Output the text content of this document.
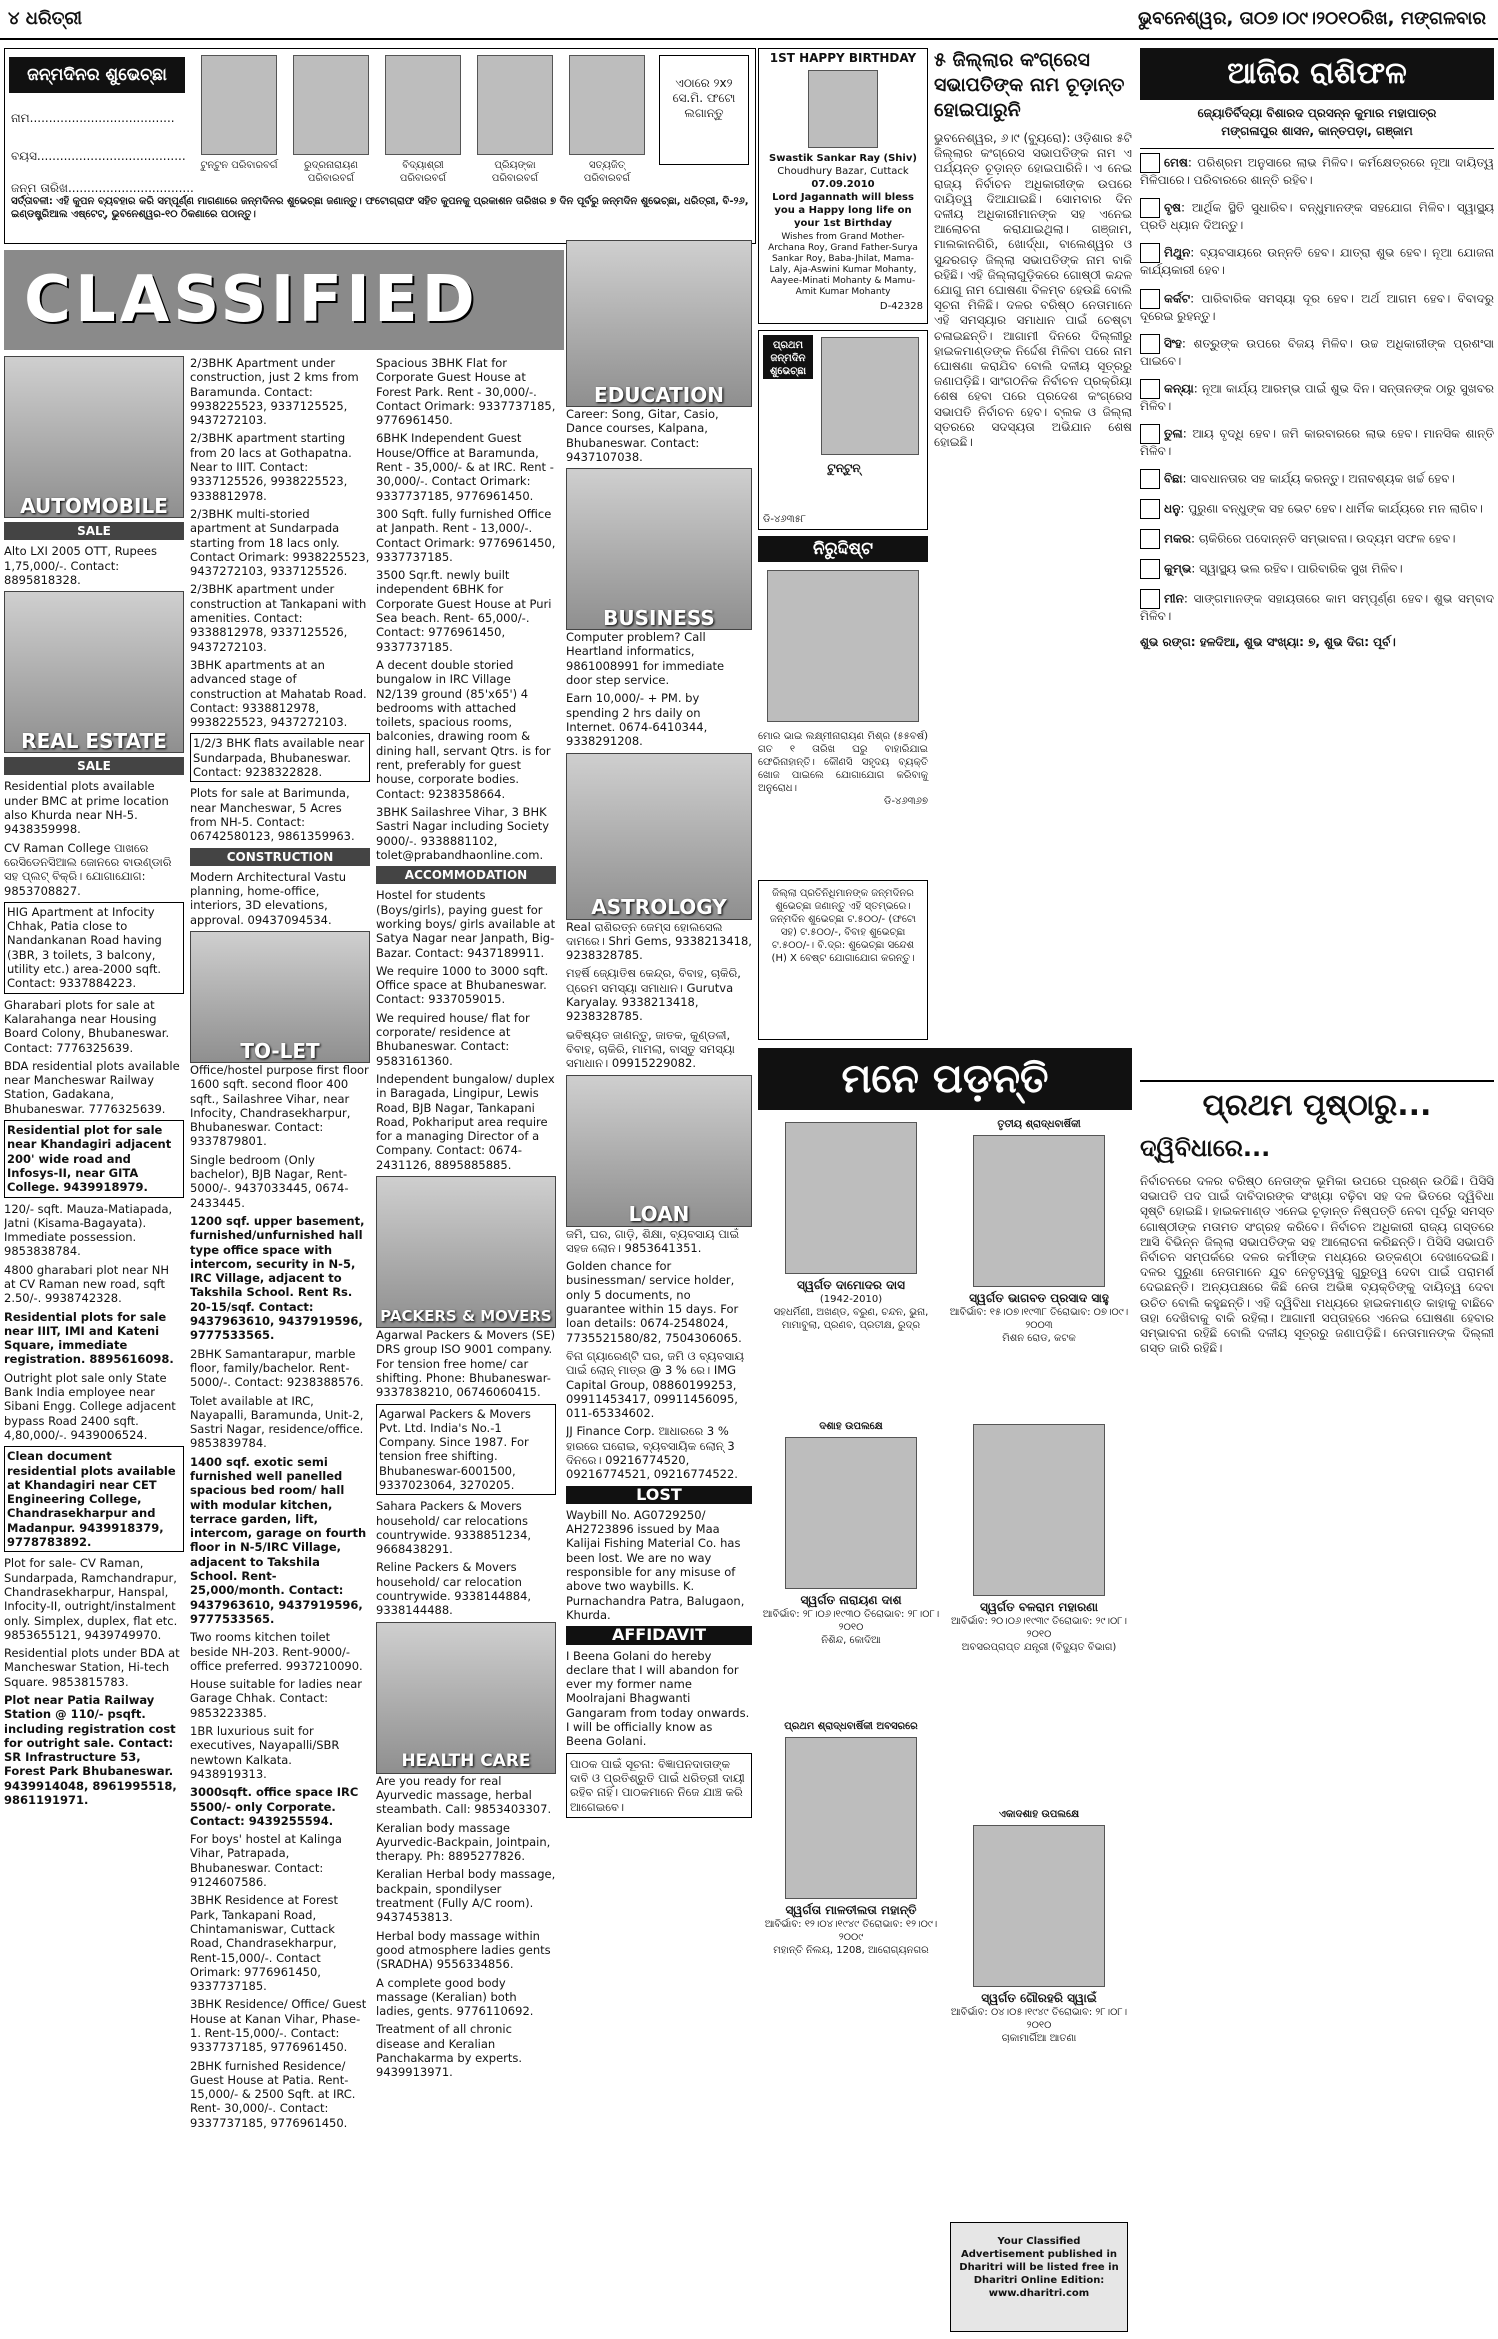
୪ ଧରିତ୍ରୀ	ଭୁବନେଶ୍ୱର, ତା୦୭।୦୯।୨୦୧୦ରିଖ, ମଙ୍ଗଳବାର
ଜନ୍ମଦିନର ଶୁଭେଚ୍ଛା
ନାମ......................................
ବୟସ.......................................
ଜନ୍ମ ତାରିଖ.................................
ଟୁନ୍ଟୁନ ପରିବାରବର୍ଗ	ରୁଦ୍ରନାରାୟଣ ପରିବାରବର୍ଗ
ବିଦ୍ୟାଶ୍ରୀ ପରିବାରବର୍ଗ
ପ୍ରିୟଙ୍କା ପରିବାରବର୍ଗ
ସତ୍ୟଜିତ୍ ପରିବାରବର୍ଗ
ଏଠାରେ ୨x୨ ସେ.ମି. ଫଟୋ ଲଗାନ୍ତୁ
ସର୍ତ୍ତାବଳୀ: ଏହି କୁପନ ବ୍ୟବହାର କରି ସମ୍ପୂର୍ଣ୍ଣ ମାଗଣାରେ ଜନ୍ମଦିନର ଶୁଭେଚ୍ଛା ଜଣାନ୍ତୁ। ଫଟୋଗ୍ରାଫ ସହିତ କୁପନକୁ ପ୍ରକାଶନ ତାରିଖର ୭ ଦିନ ପୂର୍ବରୁ ଜନ୍ମଦିନ ଶୁଭେଚ୍ଛା, ଧରିତ୍ରୀ, ବି-୨୬, ଇଣ୍ଡଷ୍ଟ୍ରିଆଲ ଏଷ୍ଟେଟ୍, ଭୁବନେଶ୍ୱର-୧୦ ଠିକଣାରେ ପଠାନ୍ତୁ।
1ST HAPPY BIRTHDAY
Swastik Sankar Ray (Shiv)
Choudhury Bazar, Cuttack
07.09.2010
Lord Jagannath will bless you a Happy long life on your 1st Birthday
Wishes from Grand Mother-Archana Roy, Grand Father-Surya Sankar Roy, Baba-Jhilat, Mama-Laly, Aja-Aswini Kumar Mohanty, Aayee-Minati Mohanty & Mamu-Amit Kumar Mohanty
D-42328
ପ୍ରଥମ ଜନ୍ମଦିନ ଶୁଭେଚ୍ଛା
ଟୁନ୍ଟୁନ୍
ଡି-୪୬୩୫୮
ନିରୁଦ୍ଦିଷ୍ଟ
ମୋର ଭାଇ ଲକ୍ଷ୍ମୀନାରାୟଣ ମିଶ୍ର (୫୫ବର୍ଷ) ଗତ ୧ ତାରିଖ ଘରୁ ବାହାରିଯାଇ ଫେରିନାହାନ୍ତି। କୌଣସି ସହୃଦୟ ବ୍ୟକ୍ତି ଖୋଜ ପାଇଲେ ଯୋଗାଯୋଗ କରିବାକୁ ଅନୁରୋଧ।
ଡି-୪୬୩୬୭
ଜିଲ୍ଲା ପ୍ରତିନିଧିମାନଙ୍କ ଜନ୍ମଦିନର ଶୁଭେଚ୍ଛା ଜଣାନ୍ତୁ ଏହି ସ୍ତମ୍ଭରେ। ଜନ୍ମଦିନ ଶୁଭେଚ୍ଛା ଟ.୫୦୦/- (ଫଟୋ ସହ) ଟ.୫୦୦/-, ବିବାହ ଶୁଭେଚ୍ଛା ଟ.୫୦୦/-। ବି.ଦ୍ର: ଶୁଭେଚ୍ଛା ସନ୍ଦେଶ (H) X ବେଷ୍ଟ ଯୋଗାଯୋଗ କରନ୍ତୁ।
୫ ଜିଲ୍ଲାର କଂଗ୍ରେସ ସଭାପତିଙ୍କ ନାମ ଚୂଡ଼ାନ୍ତ ହୋଇପାରୁନି
ଭୁବନେଶ୍ୱର, ୬।୯ (ବ୍ୟୁରୋ): ଓଡ଼ିଶାର ୫ଟି ଜିଲ୍ଲାର କଂଗ୍ରେସ ସଭାପତିଙ୍କ ନାମ ଏ ପର୍ଯ୍ୟନ୍ତ ଚୂଡ଼ାନ୍ତ ହୋଇପାରିନି। ଏ ନେଇ ରାଜ୍ୟ ନିର୍ବାଚନ ଅଧିକାରୀଙ୍କ ଉପରେ ଦାୟିତ୍ୱ ଦିଆଯାଇଛି। ସୋମବାର ଦିନ ଦଳୀୟ ଅଧିକାରୀମାନଙ୍କ ସହ ଏନେଇ ଆଲୋଚନା କରାଯାଇଥିଲା। ଗଞ୍ଜାମ, ମାଲକାନଗିରି, ଖୋର୍ଦ୍ଧା, ବାଲେଶ୍ୱର ଓ ସୁନ୍ଦରଗଡ଼ ଜିଲ୍ଲା ସଭାପତିଙ୍କ ନାମ ବାକି ରହିଛି। ଏହି ଜିଲ୍ଲାଗୁଡ଼ିକରେ ଗୋଷ୍ଠୀ କନ୍ଦଳ ଯୋଗୁ ନାମ ଘୋଷଣା ବିଳମ୍ବ ହେଉଛି ବୋଲି ସୂଚନା ମିଳିଛି। ଦଳର ବରିଷ୍ଠ ନେତାମାନେ ଏହି ସମସ୍ୟାର ସମାଧାନ ପାଇଁ ଚେଷ୍ଟା ଚଳାଇଛନ୍ତି। ଆଗାମୀ ଦିନରେ ଦିଲ୍ଲୀରୁ ହାଇକମାଣ୍ଡଙ୍କ ନିର୍ଦ୍ଦେଶ ମିଳିବା ପରେ ନାମ ଘୋଷଣା କରାଯିବ ବୋଲି ଦଳୀୟ ସୂତ୍ରରୁ ଜଣାପଡ଼ିଛି। ସାଂଗଠନିକ ନିର୍ବାଚନ ପ୍ରକ୍ରିୟା ଶେଷ ହେବା ପରେ ପ୍ରଦେଶ କଂଗ୍ରେସ ସଭାପତି ନିର୍ବାଚନ ହେବ। ବ୍ଲକ ଓ ଜିଲ୍ଲା ସ୍ତରରେ ସଦସ୍ୟତା ଅଭିଯାନ ଶେଷ ହୋଇଛି।
CLASSIFIED
AUTOMOBILE
SALE

Alto LXI 2005 OTT, Rupees 1,75,000/-. Contact: 8895818328.

REAL ESTATE
SALE

Residential plots available under BMC at prime location also Khurda near NH-5. 9438359998.

CV Raman College ପାଖରେ ରେସିଡେନସିଆଲ ଜୋନରେ ବାଉଣ୍ଡାରି ସହ ପ୍ଲଟ୍ ବିକ୍ରି। ଯୋଗାଯୋଗ: 9853708827.

HIG Apartment at Infocity Chhak, Patia close to Nandankanan Road having (3BR, 3 toilets, 3 balcony, utility etc.) area-2000 sqft. Contact: 9337884223.

Gharabari plots for sale at Kalarahanga near Housing Board Colony, Bhubaneswar. Contact: 7776325639.

BDA residential plots available near Mancheswar Railway Station, Gadakana, Bhubaneswar. 7776325639.

Residential plot for sale near Khandagiri adjacent 200' wide road and Infosys-II, near GITA College. 9439918979.

120/- sqft. Mauza-Matiapada, Jatni (Kisama-Bagayata). Immediate possession. 9853838784.

4800 gharabari plot near NH at CV Raman new road, sqft 2.50/-. 9938742328.

Residential plots for sale near IIIT, IMI and Kateni Square, immediate registration. 8895616098.

Outright plot sale only State Bank India employee near Sibani Engg. College adjacent bypass Road 2400 sqft. 4,80,000/-. 9439006524.

Clean document residential plots available at Khandagiri near CET Engineering College, Chandrasekharpur and Madanpur. 9439918379, 9778783892.

Plot for sale- CV Raman, Sundarpada, Ramchandrapur, Chandrasekharpur, Hanspal, Infocity-II, outright/instalment only. Simplex, duplex, flat etc. 9853655121, 9439749970.

Residential plots under BDA at Mancheswar Station, Hi-tech Square. 9853815783.

Plot near Patia Railway Station @ 110/- psqft. including registration cost for outright sale. Contact: SR Infrastructure 53, Forest Park Bhubaneswar. 9439914048, 8961995518, 9861191971.

2/3BHK Apartment under construction, just 2 kms from Baramunda. Contact: 9938225523, 9337125525, 9437272103.

2/3BHK apartment starting from 20 lacs at Gothapatna. Near to IIIT. Contact: 9337125526, 9938225523, 9338812978.

2/3BHK multi-storied apartment at Sundarpada starting from 18 lacs only. Contact Orimark: 9938225523, 9437272103, 9337125526.

2/3BHK apartment under construction at Tankapani with amenities. Contact: 9338812978, 9337125526, 9437272103.

3BHK apartments at an advanced stage of construction at Mahatab Road. Contact: 9338812978, 9938225523, 9437272103.

1/2/3 BHK flats available near Sundarpada, Bhubaneswar. Contact: 9238322828.

Plots for sale at Barimunda, near Mancheswar, 5 Acres from NH-5. Contact: 06742580123, 9861359963.

CONSTRUCTION

Modern Architectural Vastu planning, home-office, interiors, 3D elevations, approval. 09437094534.

TO-LET

Office/hostel purpose first floor 1600 sqft. second floor 400 sqft., Sailashree Vihar, near Infocity, Chandrasekharpur, Bhubaneswar. Contact: 9337879801.

Single bedroom (Only bachelor), BJB Nagar, Rent-5000/-. 9437033445, 0674-2433445.

1200 sqf. upper basement, furnished/unfurnished hall type office space with intercom, security in N-5, IRC Village, adjacent to Takshila School. Rent Rs. 20-15/sqf. Contact: 9437963610, 9437919596, 9777533565.

2BHK Samantarapur, marble floor, family/bachelor. Rent-5000/-. Contact: 9238388576.

Tolet available at IRC, Nayapalli, Baramunda, Unit-2, Sastri Nagar, residence/office. 9853839784.

1400 sqf. exotic semi furnished well panelled spacious bed room/ hall with modular kitchen, terrace garden, lift, intercom, garage on fourth floor in N-5/IRC Village, adjacent to Takshila School. Rent-25,000/month. Contact: 9437963610, 9437919596, 9777533565.

Two rooms kitchen toilet beside NH-203. Rent-9000/- office preferred. 9937210090.

House suitable for ladies near Garage Chhak. Contact: 9853223385.

1BR luxurious suit for executives, Nayapalli/SBR newtown Kalkata. 9438919313.

3000sqft. office space IRC 5500/- only Corporate. Contact: 9439255594.

For boys' hostel at Kalinga Vihar, Patrapada, Bhubaneswar. Contact: 9124607586.

3BHK Residence at Forest Park, Tankapani Road, Chintamaniswar, Cuttack Road, Chandrasekharpur, Rent-15,000/-. Contact Orimark: 9776961450, 9337737185.

3BHK Residence/ Office/ Guest House at Kanan Vihar, Phase-1. Rent-15,000/-. Contact: 9337737185, 9776961450.

2BHK furnished Residence/ Guest House at Patia. Rent-15,000/- & 2500 Sqft. at IRC. Rent- 30,000/-. Contact: 9337737185, 9776961450.

Spacious 3BHK Flat for Corporate Guest House at Forest Park. Rent - 30,000/-. Contact Orimark: 9337737185, 9776961450.

6BHK Independent Guest House/Office at Baramunda, Rent - 35,000/- & at IRC. Rent - 30,000/-. Contact Orimark: 9337737185, 9776961450.

300 Sqft. fully furnished Office at Janpath. Rent - 13,000/-. Contact Orimark: 9776961450, 9337737185.

3500 Sqr.ft. newly built independent 6BHK for Corporate Guest House at Puri Sea beach. Rent- 65,000/-. Contact: 9776961450, 9337737185.

A decent double storied bungalow in IRC Village N2/139 ground (85'x65') 4 bedrooms with attached toilets, spacious rooms, balconies, drawing room & dining hall, servant Qtrs. is for rent, preferably for guest house, corporate bodies. Contact: 9238358664.

3BHK Sailashree Vihar, 3 BHK Sastri Nagar including Society 9000/-. 9338881102, tolet@prabandhaonline.com.

ACCOMMODATION

Hostel for students (Boys/girls), paying guest for working boys/ girls available at Satya Nagar near Janpath, Big-Bazar. Contact: 9437189911.

We require 1000 to 3000 sqft. Office space at Bhubaneswar. Contact: 9337059015.

We required house/ flat for corporate/ residence at Bhubaneswar. Contact: 9583161360.

Independent bungalow/ duplex in Baragada, Lingipur, Lewis Road, BJB Nagar, Tankapani Road, Pokhariput area require for a managing Director of a Company. Contact: 0674-2431126, 8895885885.

PACKERS & MOVERS

Agarwal Packers & Movers (SE) DRS group ISO 9001 company. For tension free home/ car shifting. Phone: Bhubaneswar- 9337838210, 06746060415.

Agarwal Packers & Movers Pvt. Ltd. India's No.-1 Company. Since 1987. For tension free shifting. Bhubaneswar-6001500, 9337023064, 3270205.

Sahara Packers & Movers household/ car relocations countrywide. 9338851234, 9668438291.

Reline Packers & Movers household/ car relocation countrywide. 9338144884, 9338144488.

HEALTH CARE

Are you ready for real Ayurvedic massage, herbal steambath. Call: 9853403307.

Keralian body massage Ayurvedic-Backpain, Jointpain, therapy. Ph: 8895277826.

Keralian Herbal body massage, backpain, spondilyser treatment (Fully A/C room). 9437453813.

Herbal body massage within good atmosphere ladies gents (SRADHA) 9556334856.

A complete good body massage (Keralian) both ladies, gents. 9776110692.

Treatment of all chronic disease and Keralian Panchakarma by experts. 9439913971.

EDUCATION

Career: Song, Gitar, Casio, Dance courses, Kalpana, Bhubaneswar. Contact: 9437107038.

BUSINESS

Computer problem? Call Heartland informatics, 9861008991 for immediate door step service.

Earn 10,000/- + PM. by spending 2 hrs daily on Internet. 0674-6410344, 9338291208.

ASTROLOGY

Real ରାଶିରତ୍ନ ଜେମ୍ସ ହୋଲସେଲ ଦାମରେ। Shri Gems, 9338213418, 9238328785.

ମହର୍ଷି ଜ୍ୟୋତିଷ କେନ୍ଦ୍ର, ବିବାହ, ଚାକିରି, ପ୍ରେମ ସମସ୍ୟା ସମାଧାନ। Gurutva Karyalay. 9338213418, 9238328785.

ଭବିଷ୍ୟତ ଜାଣନ୍ତୁ, ଜାତକ, କୁଣ୍ଡଳୀ, ବିବାହ, ଚାକିରି, ମାମଲା, ବାସ୍ତୁ ସମସ୍ୟା ସମାଧାନ। 09915229082.

LOAN

ଜମି, ଘର, ଗାଡ଼ି, ଶିକ୍ଷା, ବ୍ୟବସାୟ ପାଇଁ ସହଜ ଲୋନ। 9853641351.

Golden chance for businessman/ service holder, only 5 documents, no guarantee within 15 days. For loan details: 0674-2548024, 7735521580/82, 7504306065.

ବିନା ଗ୍ୟାରେଣ୍ଟି ଘର, ଜମି ଓ ବ୍ୟବସାୟ ପାଇଁ ଲୋନ୍ ମାତ୍ର @ 3 % ରେ। IMG Capital Group, 08860199253, 09911453417, 09911456095, 011-65334602.

JJ Finance Corp. ଆଧାରରେ 3 % ହାରରେ ଘରୋଇ, ବ୍ୟବସାୟିକ ଲୋନ୍ 3 ଦିନରେ। 09216774520, 09216774521, 09216774522.

LOST

Waybill No. AG0729250/ AH2723896 issued by Maa Kalijai Fishing Material Co. has been lost. We are no way responsible for any misuse of above two waybills. K. Purnachandra Patra, Balugaon, Khurda.

AFFIDAVIT

I Beena Golani do hereby declare that I will abandon for ever my former name Moolrajani Bhagwanti Gangaram from today onwards. I will be officially know as Beena Golani.

ପାଠକ ପାଇଁ ସୂଚନା: ବିଜ୍ଞାପନଦାତାଙ୍କ ଦାବି ଓ ପ୍ରତିଶ୍ରୁତି ପାଇଁ ଧରିତ୍ରୀ ଦାୟୀ ରହିବ ନାହିଁ। ପାଠକମାନେ ନିଜେ ଯାଞ୍ଚ କରି ଆଗେଇବେ।

ମନେ ପଡ଼ନ୍ତି
ସ୍ୱର୍ଗତ ଦାମୋଦର ଦାସ
(1942-2010)
ସହଧର୍ମିଣୀ, ଅଖଣ୍ଡ, ବରୁଣ, ଚନ୍ଦନ, ଭୁନା, ମାମାବୁଲା, ପ୍ରଣବ, ପ୍ରତୀକ୍ଷ, ରୁଦ୍ର
ତୃତୀୟ ଶ୍ରାଦ୍ଧବାର୍ଷିକୀ
ସ୍ୱର୍ଗତ ଭାଗବତ ପ୍ରସାଦ ସାହୁ
ଆବିର୍ଭାବ: ୧୫।୦୭।୧୯୩୮ ତିରୋଭାବ: ୦୭।୦୯।୨୦୦୩
ମିଶନ ରୋଡ, କଟକ
ଦଶାହ ଉପଲକ୍ଷେ
ସ୍ୱର୍ଗତ ନାରାୟଣ ଦାଶ
ଆବିର୍ଭାବ: ୨୮।୦୬।୧୯୩୦ ତିରୋଭାବ: ୨୮।୦୮।୨୦୧୦
ନିଶିନ୍ଦ, କୋଦିଆ
ସ୍ୱର୍ଗତ ବଳରାମ ମହାରଣା
ଆବିର୍ଭାବ: ୨୦।୦୬।୧୯୩୯ ତିରୋଭାବ: ୨୯।୦୮।୨୦୧୦
ଅବସରପ୍ରାପ୍ତ ଯନ୍ତ୍ରୀ (ବିଦ୍ୟୁତ ବିଭାଗ)
ପ୍ରଥମ ଶ୍ରାଦ୍ଧବାର୍ଷିକୀ ଅବସରରେ
ସ୍ୱର୍ଗତା ମାଳତୀଲତା ମହାନ୍ତି
ଆବିର୍ଭାବ: ୧୨।୦୪।୧୯୪୯ ତିରୋଭାବ: ୧୨।୦୯।୨୦୦୯
ମହାନ୍ତି ନିଲୟ, 1208, ଆରୋଗ୍ୟନଗର
ଏକାଦଶାହ ଉପଲକ୍ଷେ
ସ୍ୱର୍ଗତ ଗୌରହରି ସ୍ୱାଇଁ
ଆବିର୍ଭାବ: ୦୪।୦୫।୧୯୪୯ ତିରୋଭାବ: ୨୮।୦୮।୨୦୧୦
ଚାକାମାର୍ଗିଆ ଆତଣା
Your Classified Advertisement published in Dharitri will be listed free in Dharitri Online Edition: www.dharitri.com
ଆଜିର ରାଶିଫଳ
ଜ୍ୟୋତିର୍ବିଦ୍ୟା ବିଶାରଦ ପ୍ରସନ୍ନ କୁମାର ମହାପାତ୍ର
ମଙ୍ଗଳାପୁର ଶାସନ, କାନ୍ତପଡ଼ା, ଗଞ୍ଜାମ

ମେଷ: ପରିଶ୍ରମ ଅନୁସାରେ ଲାଭ ମିଳିବ। କର୍ମକ୍ଷେତ୍ରରେ ନୂଆ ଦାୟିତ୍ୱ ମିଳିପାରେ। ପରିବାରରେ ଶାନ୍ତି ରହିବ।

ବୃଷ: ଆର୍ଥିକ ସ୍ଥିତି ସୁଧାରିବ। ବନ୍ଧୁମାନଙ୍କ ସହଯୋଗ ମିଳିବ। ସ୍ୱାସ୍ଥ୍ୟ ପ୍ରତି ଧ୍ୟାନ ଦିଅନ୍ତୁ।

ମିଥୁନ: ବ୍ୟବସାୟରେ ଉନ୍ନତି ହେବ। ଯାତ୍ରା ଶୁଭ ହେବ। ନୂଆ ଯୋଜନା କାର୍ଯ୍ୟକାରୀ ହେବ।

କର୍କଟ: ପାରିବାରିକ ସମସ୍ୟା ଦୂର ହେବ। ଅର୍ଥ ଆଗମ ହେବ। ବିବାଦରୁ ଦୂରେଇ ରୁହନ୍ତୁ।

ସିଂହ: ଶତ୍ରୁଙ୍କ ଉପରେ ବିଜୟ ମିଳିବ। ଉଚ୍ଚ ଅଧିକାରୀଙ୍କ ପ୍ରଶଂସା ପାଇବେ।

କନ୍ୟା: ନୂଆ କାର୍ଯ୍ୟ ଆରମ୍ଭ ପାଇଁ ଶୁଭ ଦିନ। ସନ୍ତାନଙ୍କ ଠାରୁ ସୁଖବର ମିଳିବ।

ତୁଳା: ଆୟ ବୃଦ୍ଧି ହେବ। ଜମି କାରବାରରେ ଲାଭ ହେବ। ମାନସିକ ଶାନ୍ତି ମିଳିବ।

ବିଛା: ସାବଧାନତାର ସହ କାର୍ଯ୍ୟ କରନ୍ତୁ। ଅନାବଶ୍ୟକ ଖର୍ଚ୍ଚ ହେବ।

ଧନୁ: ପୁରୁଣା ବନ୍ଧୁଙ୍କ ସହ ଭେଟ ହେବ। ଧାର୍ମିକ କାର୍ଯ୍ୟରେ ମନ ଲାଗିବ।

ମକର: ଚାକିରିରେ ପଦୋନ୍ନତି ସମ୍ଭାବନା। ଉଦ୍ୟମ ସଫଳ ହେବ।

କୁମ୍ଭ: ସ୍ୱାସ୍ଥ୍ୟ ଭଲ ରହିବ। ପାରିବାରିକ ସୁଖ ମିଳିବ।

ମୀନ: ସାଙ୍ଗମାନଙ୍କ ସହାୟତାରେ କାମ ସମ୍ପୂର୍ଣ୍ଣ ହେବ। ଶୁଭ ସମ୍ବାଦ ମିଳିବ।

ଶୁଭ ରଙ୍ଗ: ହଳଦିଆ, ଶୁଭ ସଂଖ୍ୟା: ୭, ଶୁଭ ଦିଗ: ପୂର୍ବ।

ପ୍ରଥମ ପୃଷ୍ଠାରୁ...
ଦ୍ୱିବିଧାରେ...
ନିର୍ବାଚନରେ ଦଳର ବରିଷ୍ଠ ନେତାଙ୍କ ଭୂମିକା ଉପରେ ପ୍ରଶ୍ନ ଉଠିଛି। ପିସିସି ସଭାପତି ପଦ ପାଇଁ ଦାବିଦାରଙ୍କ ସଂଖ୍ୟା ବଢ଼ିବା ସହ ଦଳ ଭିତରେ ଦ୍ୱିବିଧା ସୃଷ୍ଟି ହୋଇଛି। ହାଇକମାଣ୍ଡ ଏନେଇ ଚୂଡ଼ାନ୍ତ ନିଷ୍ପତ୍ତି ନେବା ପୂର୍ବରୁ ସମସ୍ତ ଗୋଷ୍ଠୀଙ୍କ ମତାମତ ସଂଗ୍ରହ କରିବେ। ନିର୍ବାଚନ ଅଧିକାରୀ ରାଜ୍ୟ ଗସ୍ତରେ ଆସି ବିଭିନ୍ନ ଜିଲ୍ଲା ସଭାପତିଙ୍କ ସହ ଆଲୋଚନା କରିଛନ୍ତି। ପିସିସି ସଭାପତି ନିର୍ବାଚନ ସମ୍ପର୍କରେ ଦଳର କର୍ମୀଙ୍କ ମଧ୍ୟରେ ଉତ୍କଣ୍ଠା ଦେଖାଦେଇଛି। ଦଳର ପୁରୁଣା ନେତାମାନେ ଯୁବ ନେତୃତ୍ୱକୁ ଗୁରୁତ୍ୱ ଦେବା ପାଇଁ ପରାମର୍ଶ ଦେଇଛନ୍ତି। ଅନ୍ୟପକ୍ଷରେ କିଛି ନେତା ଅଭିଜ୍ଞ ବ୍ୟକ୍ତିଙ୍କୁ ଦାୟିତ୍ୱ ଦେବା ଉଚିତ ବୋଲି କହୁଛନ୍ତି। ଏହି ଦ୍ୱିବିଧା ମଧ୍ୟରେ ହାଇକମାଣ୍ଡ କାହାକୁ ବାଛିବେ ତାହା ଦେଖିବାକୁ ବାକି ରହିଲା। ଆଗାମୀ ସପ୍ତାହରେ ଏନେଇ ଘୋଷଣା ହେବାର ସମ୍ଭାବନା ରହିଛି ବୋଲି ଦଳୀୟ ସୂତ୍ରରୁ ଜଣାପଡ଼ିଛି। ନେତାମାନଙ୍କ ଦିଲ୍ଲୀ ଗସ୍ତ ଜାରି ରହିଛି।
